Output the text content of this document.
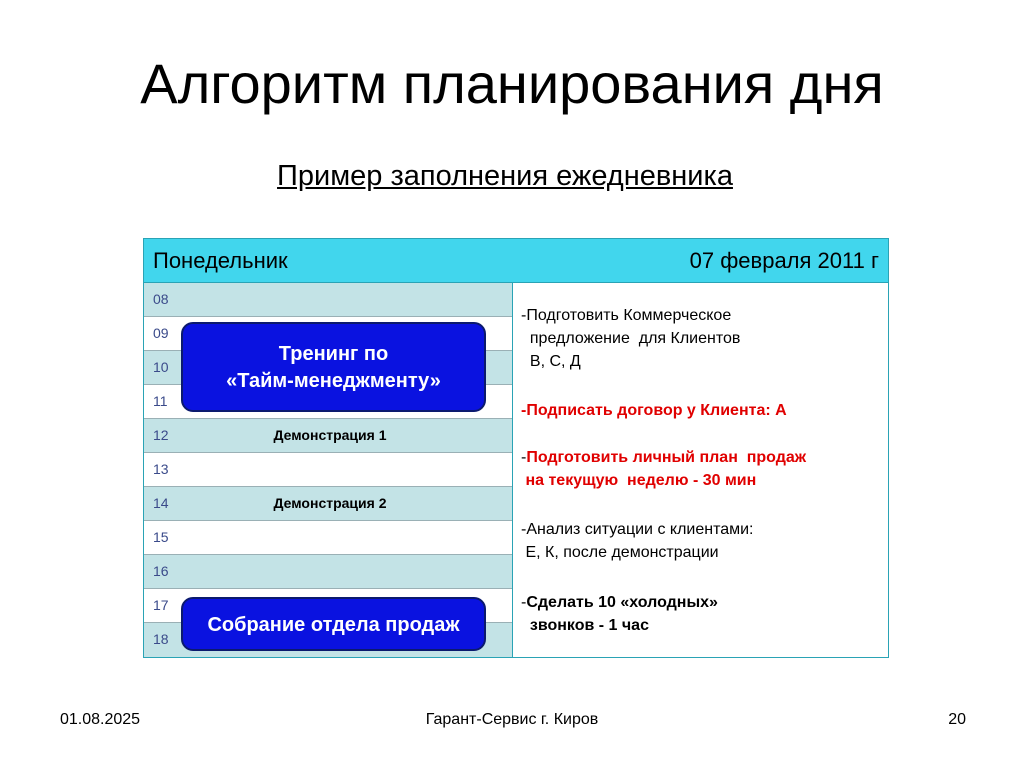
Алгоритм планирования дня
Пример заполнения ежедневника
Понедельник	07 февраля 2011 г
08
09
10
11
12	Демонстрация 1
13
14	Демонстрация 2
15
16
17
18
Тренинг по
«Тайм-менеджменту»
Собрание отдела продаж
-Подготовить Коммерческое
предложение  для Клиентов
В, С, Д
-Подписать договор у Клиента: А
-Подготовить личный план  продаж
на текущую  неделю - 30 мин
-Анализ ситуации с клиентами:
Е, К, после демонстрации
-Сделать 10 «холодных»
звонков - 1 час
01.08.2025	Гарант-Сервис г. Киров	20
